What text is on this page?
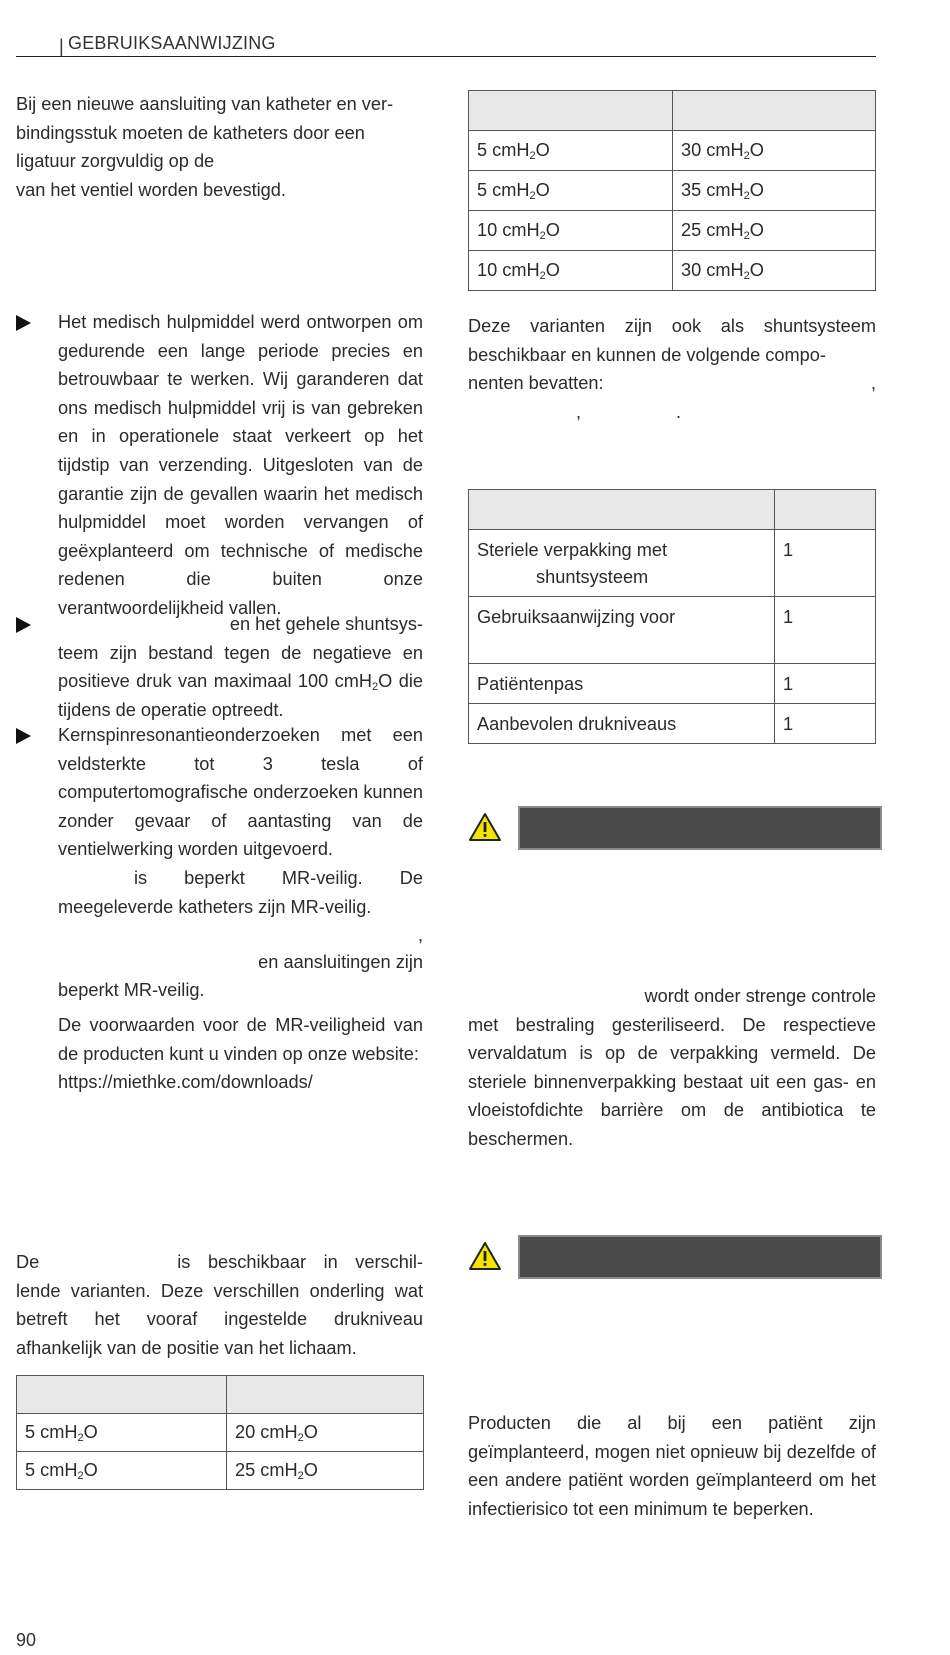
| GEBRUIKSAANWIJZING

Bij een nieuwe aansluiting van katheter en ver-

bindingsstuk moeten de katheters door een

ligatuur zorgvuldig op de

van het ventiel worden bevestigd.

Het medisch hulpmiddel werd ontworpen om gedurende een lange periode precies en betrouwbaar te werken. Wij garanderen dat ons medisch hulpmiddel vrij is van gebreken en in operationele staat verkeert op het tijdstip van verzending. Uitgesloten van de garantie zijn de gevallen waarin het medisch hulpmiddel moet worden vervangen of geëxplanteerd om technische of medische redenen die buiten onze verantwoordelijkheid vallen.

en het gehele shuntsys-
teem zijn bestand tegen de negatieve en positieve druk van maximaal 100 cmH$_2$O die tijdens de operatie optreedt.

Kernspinresonantieonderzoeken met een veldsterkte tot 3 tesla of computertomografische onderzoeken kunnen zonder gevaar of aantasting van de ventielwerking worden uitgevoerd.

is beperkt MR-veilig. De meegeleverde katheters zijn MR-veilig.

,

en aansluitingen zijn

beperkt MR-veilig.

De voorwaarden voor de MR-veiligheid van de producten kunt u vinden op onze website:

https://miethke.com/downloads/

De	is beschikbaar in verschil- lende varianten. Deze verschillen onderling wat betreft het vooraf ingestelde drukniveau afhankelijk van de positie van het lichaam.

5 cmH$_2$O	20 cmH$_2$O
5 cmH$_2$O	25 cmH$_2$O

5 cmH$_2$O	30 cmH$_2$O
5 cmH$_2$O	35 cmH$_2$O
10 cmH$_2$O	25 cmH$_2$O
10 cmH$_2$O	30 cmH$_2$O

Deze varianten zijn ook als shuntsysteem beschikbaar en kunnen de volgende compo-

nenten bevatten:	,

,	.

Steriele verpakking met
shuntsysteem	1
Gebruiksaanwijzing voor	1
Patiëntenpas	1
Aanbevolen drukniveaus	1

wordt onder strenge controle

met bestraling gesteriliseerd. De respectieve vervaldatum is op de verpakking vermeld. De steriele binnenverpakking bestaat uit een gas- en vloeistofdichte barrière om de antibiotica te beschermen.

Producten die al bij een patiënt zijn geïmplanteerd, mogen niet opnieuw bij dezelfde of een andere patiënt worden geïmplanteerd om het infectierisico tot een minimum te beperken.

90
